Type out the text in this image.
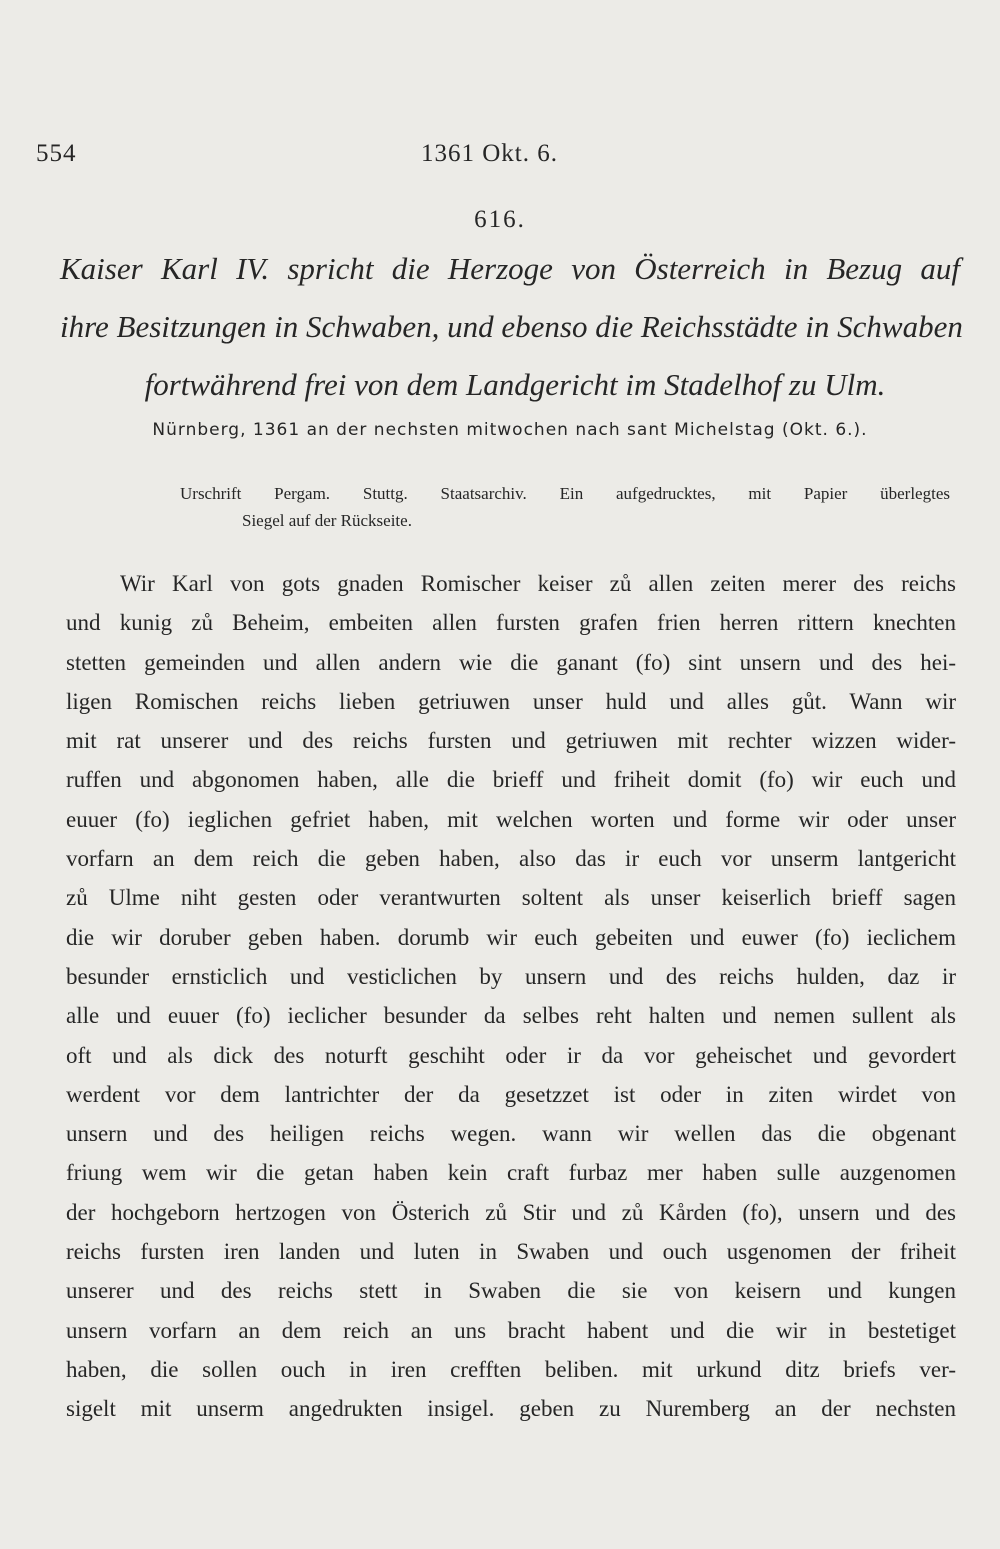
554	1361 Okt. 6.
616.
Kaiser Karl IV. spricht die Herzoge von Österreich in Bezug auf
ihre Besitzungen in Schwaben, und ebenso die Reichsstädte in Schwaben
fortwährend frei von dem Landgericht im Stadelhof zu Ulm.
Nürnberg, 1361 an der nechsten mitwochen nach sant Michelstag (Okt. 6.).
Urschrift Pergam. Stuttg. Staatsarchiv. Ein aufgedrucktes, mit Papier überlegtes
Siegel auf der Rückseite.
Wir Karl von gots gnaden Romischer keiser zů allen zeiten merer des reichs
und kunig zů Beheim, embeiten allen fursten grafen frien herren rittern knechten
stetten gemeinden und allen andern wie die ganant (fo) sint unsern und des hei-
ligen Romischen reichs lieben getriuwen unser huld und alles gůt. Wann wir
mit rat unserer und des reichs fursten und getriuwen mit rechter wizzen wider-
ruffen und abgonomen haben, alle die brieff und friheit domit (fo) wir euch und
euuer (fo) ieglichen gefriet haben, mit welchen worten und forme wir oder unser
vorfarn an dem reich die geben haben, also das ir euch vor unserm lantgericht
zů Ulme niht gesten oder verantwurten soltent als unser keiserlich brieff sagen
die wir doruber geben haben. dorumb wir euch gebeiten und euwer (fo) ieclichem
besunder ernsticlich und vesticlichen by unsern und des reichs hulden, daz ir
alle und euuer (fo) ieclicher besunder da selbes reht halten und nemen sullent als
oft und als dick des noturft geschiht oder ir da vor geheischet und gevordert
werdent vor dem lantrichter der da gesetzzet ist oder in ziten wirdet von
unsern und des heiligen reichs wegen. wann wir wellen das die obgenant
friung wem wir die getan haben kein craft furbaz mer haben sulle auzgenomen
der hochgeborn hertzogen von Österich zů Stir und zů Kården (fo), unsern und des
reichs fursten iren landen und luten in Swaben und ouch usgenomen der friheit
unserer und des reichs stett in Swaben die sie von keisern und kungen
unsern vorfarn an dem reich an uns bracht habent und die wir in bestetiget
haben, die sollen ouch in iren crefften beliben. mit urkund ditz briefs ver-
sigelt mit unserm angedrukten insigel. geben zu Nuremberg an der nechsten
